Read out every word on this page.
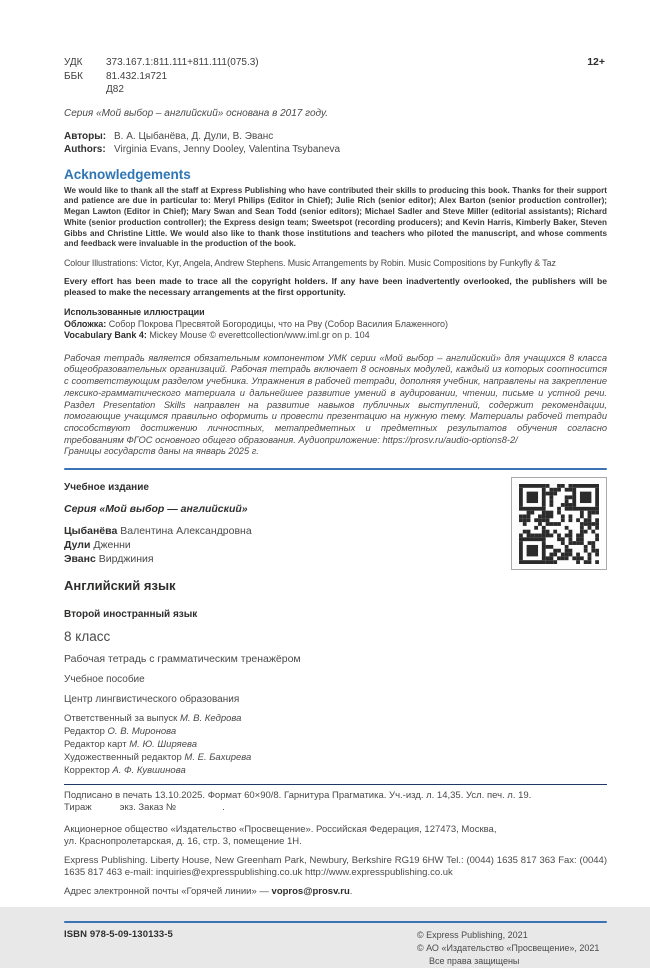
УДК	373.167.1:811.111+811.111(075.3)
ББК	81.432.1я721
Д82
12+
Серия «Мой выбор – английский» основана в 2017 году.
Авторы: В. А. Цыбанёва, Д. Дули, В. Эванс
Authors: Virginia Evans, Jenny Dooley, Valentina Tsybaneva
Acknowledgements
We would like to thank all the staff at Express Publishing who have contributed their skills to producing this book. Thanks for their support and patience are due in particular to: Meryl Philips (Editor in Chief); Julie Rich (senior editor); Alex Barton (senior production controller); Megan Lawton (Editor in Chief); Mary Swan and Sean Todd (senior editors); Michael Sadler and Steve Miller (editorial assistants); Richard White (senior production controller); the Express design team; Sweetspot (recording producers); and Kevin Harris, Kimberly Baker, Steven Gibbs and Christine Little. We would also like to thank those institutions and teachers who piloted the manuscript, and whose comments and feedback were invaluable in the production of the book.
Colour Illustrations: Victor, Kyr, Angela, Andrew Stephens. Music Arrangements by Robin. Music Compositions by Funkyfly & Taz
Every effort has been made to trace all the copyright holders. If any have been inadvertently overlooked, the publishers will be pleased to make the necessary arrangements at the first opportunity.
Использованные иллюстрации
Обложка: Собор Покрова Пресвятой Богородицы, что на Рву (Собор Василия Блаженного)
Vocabulary Bank 4: Mickey Mouse © everettcollection/www.iml.gr on p. 104
Рабочая тетрадь является обязательным компонентом УМК серии «Мой выбор – английский» для учащихся 8 класса общеобразовательных организаций. Рабочая тетрадь включает 8 основных модулей, каждый из которых соотносится с соответствующим разделом учебника. Упражнения в рабочей тетради, дополняя учебник, направлены на закрепление лексико-грамматического материала и дальнейшее развитие умений в аудировании, чтении, письме и устной речи. Раздел Presentation Skills направлен на развитие навыков публичных выступлений, содержит рекомендации, помогающие учащимся правильно оформить и провести презентацию на нужную тему. Материалы рабочей тетради способствуют достижению личностных, метапредметных и предметных результатов обучения согласно требованиям ФГОС основного общего образования. Аудиоприложение: https://prosv.ru/audio-options8-2/
Границы государств даны на январь 2025 г.
Учебное издание
Серия «Мой выбор — английский»
Цыбанёва Валентина Александровна
Дули Дженни
Эванс Вирджиния
Английский язык
Второй иностранный язык
8 класс
Рабочая тетрадь с грамматическим тренажёром
Учебное пособие
Центр лингвистического образования
Ответственный за выпуск М. В. Кедрова
Редактор О. В. Миронова
Редактор карт М. Ю. Ширяева
Художественный редактор М. Е. Бахирева
Корректор А. Ф. Кувшинова
Подписано в печать 13.10.2025. Формат 60×90/8. Гарнитура Прагматика. Уч.-изд. л. 14,35. Усл. печ. л. 19.
Тираж	экз. Заказ №	.
Акционерное общество «Издательство «Просвещение». Российская Федерация, 127473, Москва,
ул. Краснопролетарская, д. 16, стр. 3, помещение 1Н.
Express Publishing. Liberty House, New Greenham Park, Newbury, Berkshire RG19 6HW Tel.: (0044) 1635 817 363 Fax: (0044) 1635 817 463 e-mail: inquiries@expresspublishing.co.uk http://www.expresspublishing.co.uk
Адрес электронной почты «Горячей линии» — vopros@prosv.ru.
ISBN 978-5-09-130133-5	© Express Publishing, 2021
© АО «Издательство «Просвещение», 2021
Все права защищены
